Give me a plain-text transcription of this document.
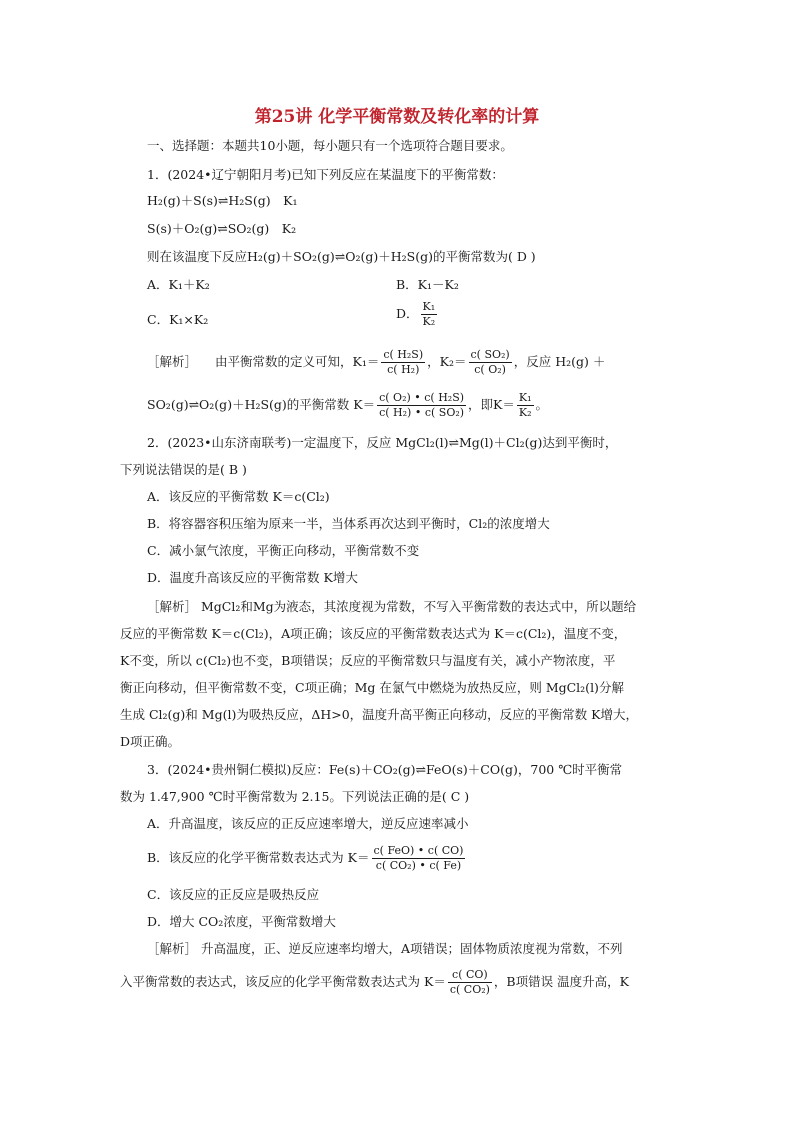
第25讲 化学平衡常数及转化率的计算
一、选择题：本题共10小题，每小题只有一个选项符合题目要求。
1．(2024•辽宁朝阳月考)已知下列反应在某温度下的平衡常数：
H₂(g)＋S(s)⇌H₂S(g)　K₁
S(s)＋O₂(g)⇌SO₂(g)　K₂
则在该温度下反应H₂(g)＋SO₂(g)⇌O₂(g)＋H₂S(g)的平衡常数为( D )
A．K₁＋K₂	B．K₁－K₂
C．K₁×K₂	D． $\frac{\text{K₁}}{\text{K₂}}$
［解析］ 由平衡常数的定义可知，$K_1= \frac{\text{c( H₂S)}}{\text{c( H₂)}}$ ，$K_2= \frac{\text{c( SO₂)}}{\text{c( O₂)}}$ ，反应 H₂(g) ＋
SO₂(g)⇌O₂(g)＋H₂S(g)的平衡常数 $K= \frac{\text{c( O₂) • c( H₂S)}}{\text{c( H₂) • c( SO₂)}}$ ，即$K= \frac{\text{K₁}}{\text{K₂}}$ 。
2．(2023•山东济南联考)一定温度下，反应 MgCl₂(l)⇌Mg(l)＋Cl₂(g)达到平衡时，
下列说法错误的是( B )
A．该反应的平衡常数 K＝c(Cl₂)
B．将容器容积压缩为原来一半，当体系再次达到平衡时，Cl₂的浓度增大
C．减小氯气浓度，平衡正向移动，平衡常数不变
D．温度升高该反应的平衡常数 K增大
［解析］ MgCl₂和Mg为液态，其浓度视为常数，不写入平衡常数的表达式中，所以题给
反应的平衡常数 K＝c(Cl₂)，A项正确；该反应的平衡常数表达式为 K＝c(Cl₂)，温度不变，
K不变，所以 c(Cl₂)也不变，B项错误；反应的平衡常数只与温度有关，减小产物浓度，平
衡正向移动，但平衡常数不变，C项正确；Mg 在氯气中燃烧为放热反应，则 MgCl₂(l)分解
生成 Cl₂(g)和 Mg(l)为吸热反应，ΔH>0，温度升高平衡正向移动，反应的平衡常数 K增大，
D项正确。
3．(2024•贵州铜仁模拟)反应：Fe(s)＋CO₂(g)⇌FeO(s)＋CO(g)，700 ℃时平衡常
数为 1.47,900 ℃时平衡常数为 2.15。下列说法正确的是( C )
A．升高温度，该反应的正反应速率增大，逆反应速率减小
B．该反应的化学平衡常数表达式为 $K= \frac{\text{c( FeO) • c( CO)}}{\text{c( CO₂) • c( Fe)}}$
C．该反应的正反应是吸热反应
D．增大 CO₂浓度，平衡常数增大
［解析］ 升高温度，正、逆反应速率均增大，A项错误；固体物质浓度视为常数，不列
入平衡常数的表达式，该反应的化学平衡常数表达式为 $K= \frac{c( CO)}{\text{c( CO₂)}}$ ，B项错误 温度升高，K
